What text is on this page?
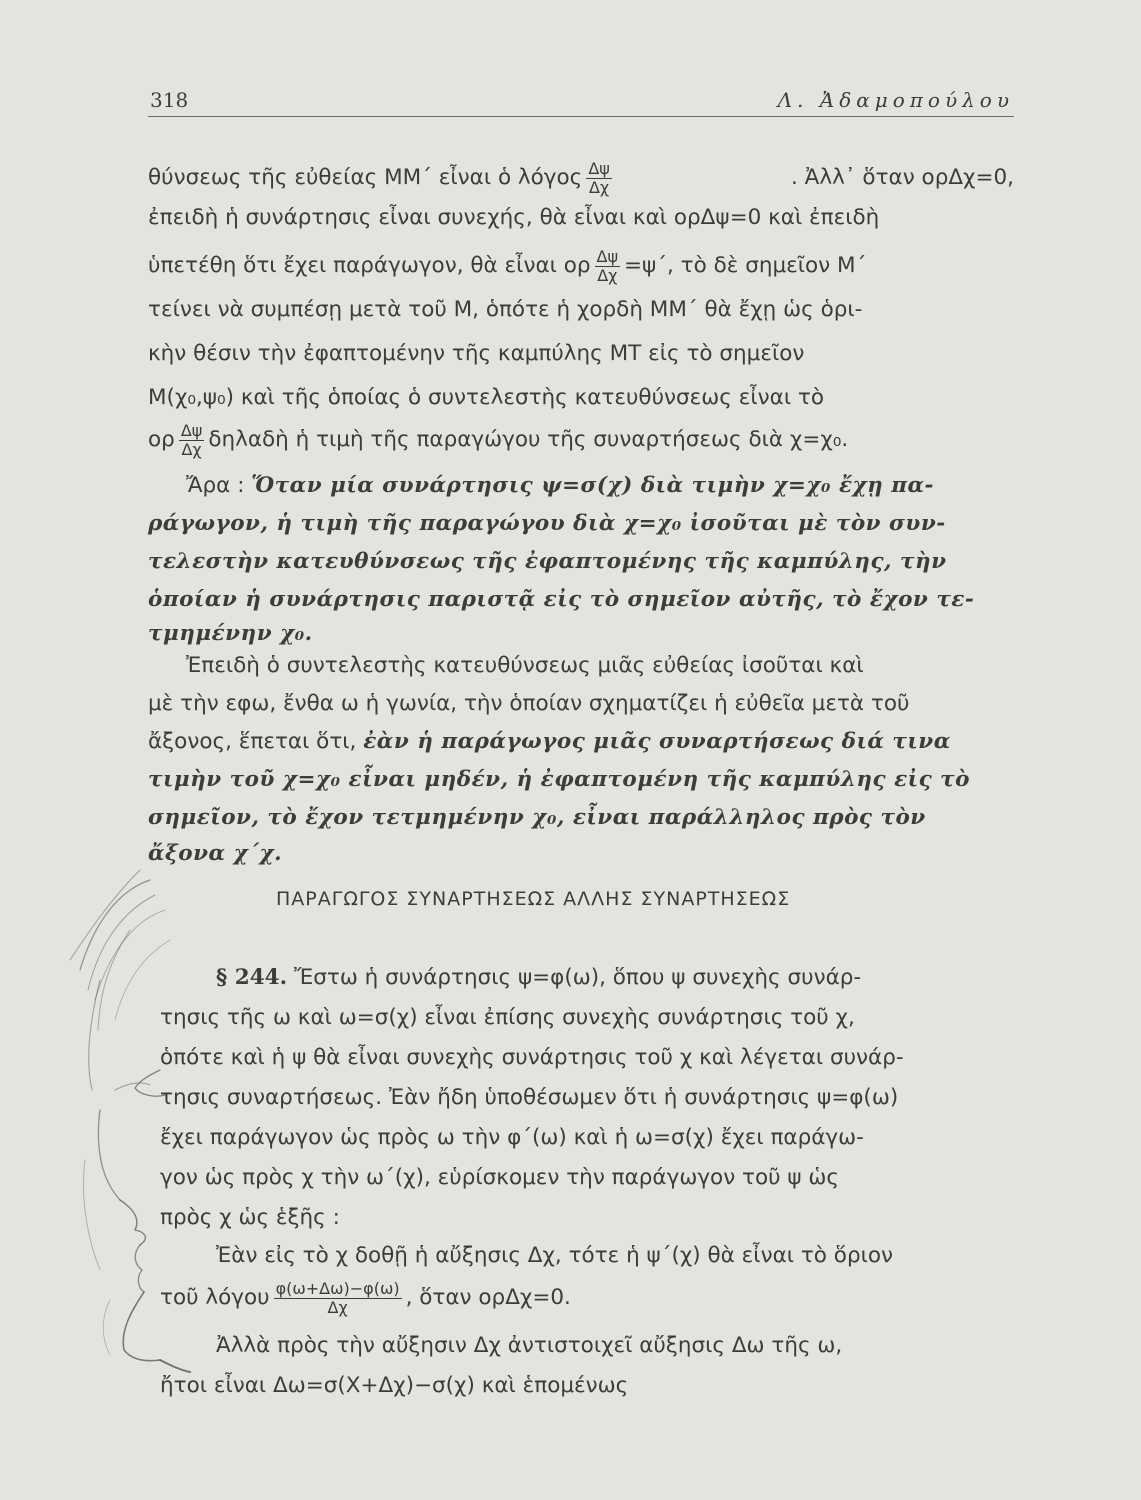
318	Λ. Ἀδαμοπούλου
θύνσεως τῆς εὐθείας ΜΜ΄ εἶναι ὁ λόγος $\frac{\Delta\psi}{\Delta\chi}$	. Ἀλλ᾽ ὅταν ορΔχ=0,
ἐπειδὴ ἡ συνάρτησις εἶναι συνεχής, θὰ εἶναι καὶ ορΔψ=0 καὶ ἐπειδὴ
ὑπετέθη ὅτι ἔχει παράγωγον, θὰ εἶναι ορ $\frac{\Delta\psi}{\Delta\chi} =\psi΄$, τὸ δὲ σημεῖον Μ΄
τείνει νὰ συμπέσῃ μετὰ τοῦ Μ, ὁπότε ἡ χορδὴ ΜΜ΄ θὰ ἔχῃ ὡς ὁρι-
κὴν θέσιν τὴν ἐφαπτομένην τῆς καμπύλης ΜΤ εἰς τὸ σημεῖον
Μ(χ₀,ψ₀) καὶ τῆς ὁποίας ὁ συντελεστὴς κατευθύνσεως εἶναι τὸ
ορ $\frac{\Delta\psi}{\Delta\chi}$ δηλαδὴ ἡ τιμὴ τῆς παραγώγου τῆς συναρτήσεως διὰ χ=χ₀.
Ἄρα : Ὅταν μία συνάρτησις ψ=σ(χ) διὰ τιμὴν χ=χ₀ ἔχῃ πα-
ράγωγον, ἡ τιμὴ τῆς παραγώγου διὰ χ=χ₀ ἰσοῦται μὲ τὸν συν-
τελεστὴν κατευθύνσεως τῆς ἐφαπτομένης τῆς καμπύλης, τὴν
ὁποίαν ἡ συνάρτησις παριστᾷ εἰς τὸ σημεῖον αὐτῆς, τὸ ἔχον τε-
τμημένην χ₀.
Ἐπειδὴ ὁ συντελεστὴς κατευθύνσεως μιᾶς εὐθείας ἰσοῦται καὶ
μὲ τὴν εφω, ἔνθα ω ἡ γωνία, τὴν ὁποίαν σχηματίζει ἡ εὐθεῖα μετὰ τοῦ
ἄξονος, ἕπεται ὅτι, ἐὰν ἡ παράγωγος μιᾶς συναρτήσεως διά τινα
τιμὴν τοῦ χ=χ₀ εἶναι μηδέν, ἡ ἐφαπτομένη τῆς καμπύλης εἰς τὸ
σημεῖον, τὸ ἔχον τετμημένην χ₀, εἶναι παράλληλος πρὸς τὸν
ἄξονα χ΄χ.
ΠΑΡΑΓΩΓΟΣ ΣΥΝΑΡΤΗΣΕΩΣ ΑΛΛΗΣ ΣΥΝΑΡΤΗΣΕΩΣ
§ 244. Ἔστω ἡ συνάρτησις ψ=φ(ω), ὅπου ψ συνεχὴς συνάρ-
τησις τῆς ω καὶ ω=σ(χ) εἶναι ἐπίσης συνεχὴς συνάρτησις τοῦ χ,
ὁπότε καὶ ἡ ψ θὰ εἶναι συνεχὴς συνάρτησις τοῦ χ καὶ λέγεται συνάρ-
τησις συναρτήσεως. Ἐὰν ἤδη ὑποθέσωμεν ὅτι ἡ συνάρτησις ψ=φ(ω)
ἔχει παράγωγον ὡς πρὸς ω τὴν φ΄(ω) καὶ ἡ ω=σ(χ) ἔχει παράγω-
γον ὡς πρὸς χ τὴν ω΄(χ), εὑρίσκομεν τὴν παράγωγον τοῦ ψ ὡς
πρὸς χ ὡς ἑξῆς :
Ἐὰν εἰς τὸ χ δοθῇ ἡ αὔξησις Δχ, τότε ἡ ψ΄(χ) θὰ εἶναι τὸ ὅριον
τοῦ λόγου $\frac{\varphi(\omega+\Delta\omega)-\varphi(\omega)}{\Delta\chi}$ , ὅταν ορΔχ=0.
Ἀλλὰ πρὸς τὴν αὔξησιν Δχ ἀντιστοιχεῖ αὔξησις Δω τῆς ω,
ἤτοι εἶναι Δω=σ(Χ+Δχ)−σ(χ) καὶ ἑπομένως
